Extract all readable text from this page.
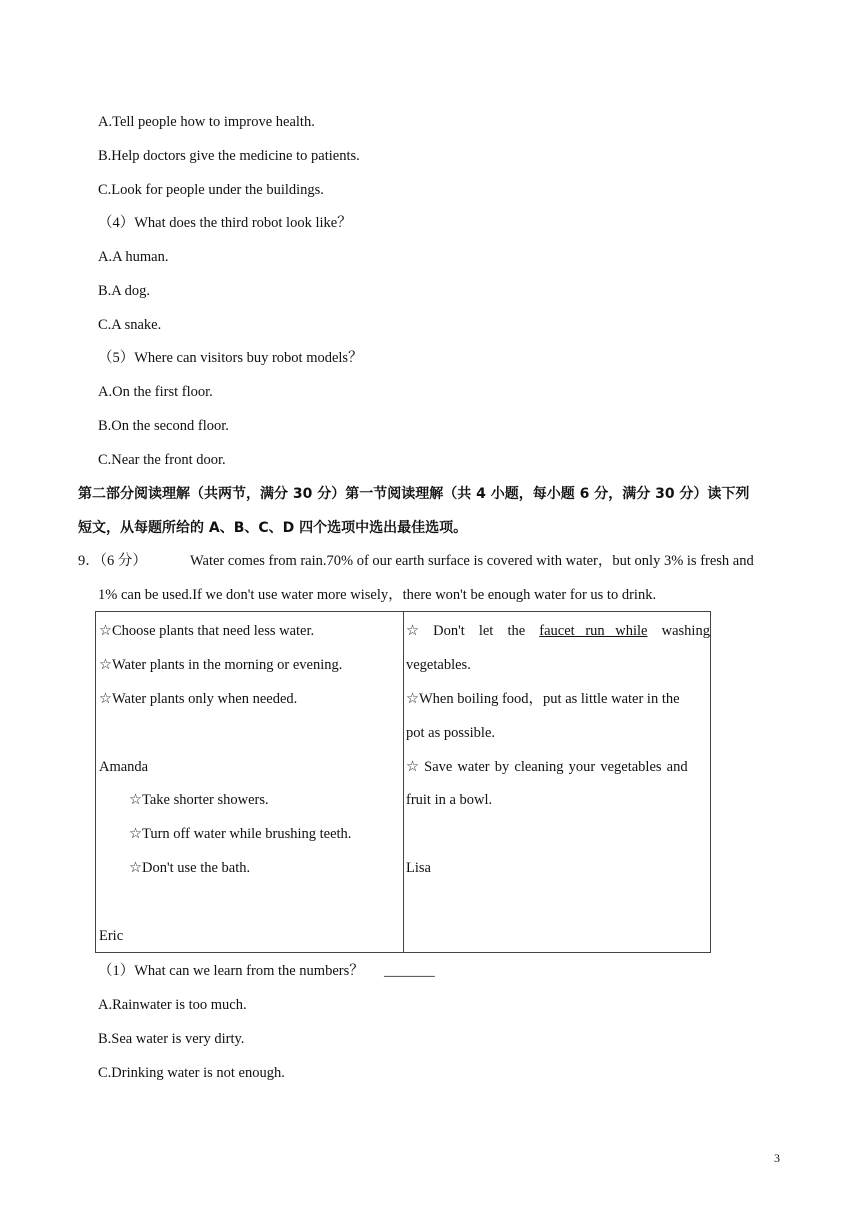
A.Tell people how to improve health.
B.Help doctors give the medicine to patients.
C.Look for people under the buildings.
（4）What does the third robot look like？
A.A human.
B.A dog.
C.A snake.
（5）Where can visitors buy robot models？
A.On the first floor.
B.On the second floor.
C.Near the front door.
第二部分阅读理解（共两节，满分 30 分）第一节阅读理解（共 4 小题，每小题 6 分，满分 30 分）读下列
短文，从每题所给的 A、B、C、D 四个选项中选出最佳选项。
9．（6 分）	Water comes from rain.70% of our earth surface is covered with water，but only 3% is fresh and
1% can be used.If we don't use water more wisely，there won't be enough water for us to drink.
☆Choose plants that need less water.
☆Water plants in the morning or evening.
☆Water plants only when needed.
Amanda
☆Take shorter showers.
☆Turn off water while brushing teeth.
☆Don't use the bath.
Eric
☆ Don't let the faucet run while washing
vegetables.
☆When boiling food，put as little water in the
pot as possible.
☆ Save water by cleaning your vegetables and
fruit in a bowl.
Lisa
（1）What can we learn from the numbers？ _______
A.Rainwater is too much.
B.Sea water is very dirty.
C.Drinking water is not enough.
3
